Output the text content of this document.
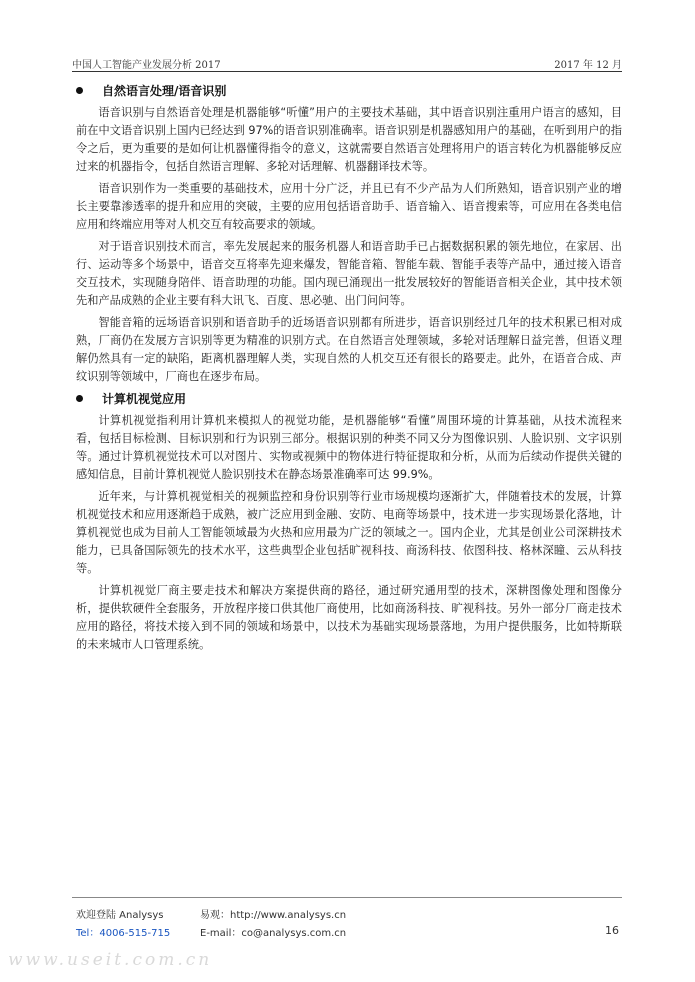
中国人工智能产业发展分析 2017	2017 年 12 月
自然语言处理/语音识别

语音识别与自然语音处理是机器能够“听懂”用户的主要技术基础，其中语音识别注重用户语言的感知，目前在中文语音识别上国内已经达到 97%的语音识别准确率。语音识别是机器感知用户的基础，在听到用户的指令之后，更为重要的是如何让机器懂得指令的意义，这就需要自然语言处理将用户的语言转化为机器能够反应过来的机器指令，包括自然语言理解、多轮对话理解、机器翻译技术等。

语音识别作为一类重要的基础技术，应用十分广泛，并且已有不少产品为人们所熟知，语音识别产业的增长主要靠渗透率的提升和应用的突破，主要的应用包括语音助手、语音输入、语音搜索等，可应用在各类电信应用和终端应用等对人机交互有较高要求的领域。

对于语音识别技术而言，率先发展起来的服务机器人和语音助手已占据数据积累的领先地位，在家居、出行、运动等多个场景中，语音交互将率先迎来爆发，智能音箱、智能车载、智能手表等产品中，通过接入语音交互技术，实现随身陪伴、语音助理的功能。国内现已涌现出一批发展较好的智能语音相关企业，其中技术领先和产品成熟的企业主要有科大讯飞、百度、思必驰、出门问问等。

智能音箱的远场语音识别和语音助手的近场语音识别都有所进步，语音识别经过几年的技术积累已相对成熟，厂商仍在发展方言识别等更为精准的识别方式。在自然语言处理领域，多轮对话理解日益完善，但语义理解仍然具有一定的缺陷，距离机器理解人类，实现自然的人机交互还有很长的路要走。此外，在语音合成、声纹识别等领域中，厂商也在逐步布局。

计算机视觉应用

计算机视觉指利用计算机来模拟人的视觉功能，是机器能够“看懂”周围环境的计算基础，从技术流程来看，包括目标检测、目标识别和行为识别三部分。根据识别的种类不同又分为图像识别、人脸识别、文字识别等。通过计算机视觉技术可以对图片、实物或视频中的物体进行特征提取和分析，从而为后续动作提供关键的感知信息，目前计算机视觉人脸识别技术在静态场景准确率可达 99.9%。

近年来，与计算机视觉相关的视频监控和身份识别等行业市场规模均逐渐扩大，伴随着技术的发展，计算机视觉技术和应用逐渐趋于成熟，被广泛应用到金融、安防、电商等场景中，技术进一步实现场景化落地，计算机视觉也成为目前人工智能领域最为火热和应用最为广泛的领域之一。国内企业，尤其是创业公司深耕技术能力，已具备国际领先的技术水平，这些典型企业包括旷视科技、商汤科技、依图科技、格林深瞳、云从科技等。

计算机视觉厂商主要走技术和解决方案提供商的路径，通过研究通用型的技术，深耕图像处理和图像分析，提供软硬件全套服务，开放程序接口供其他厂商使用，比如商汤科技、旷视科技。另外一部分厂商走技术应用的路径，将技术接入到不同的领域和场景中，以技术为基础实现场景落地，为用户提供服务，比如特斯联的未来城市人口管理系统。

欢迎登陆 Analysys	易观：http://www.analysys.cn
Tel：4006-515-715	E-mail：co@analysys.com.cn	16
www.useit.com.cn
